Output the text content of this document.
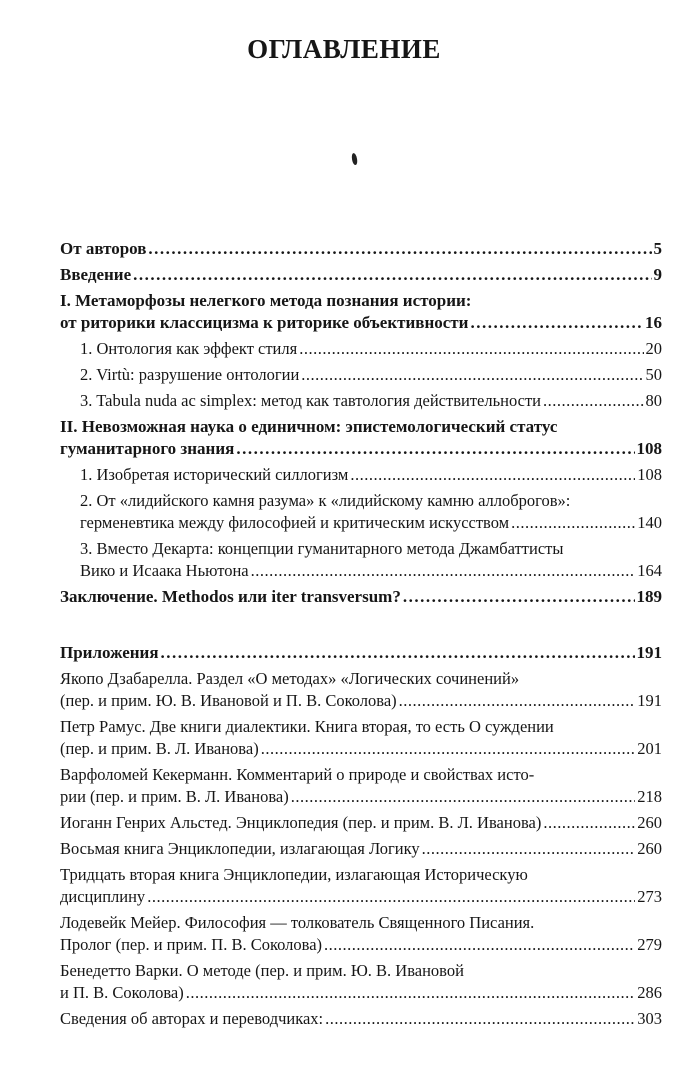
ОГЛАВЛЕНИЕ
От авторов .....	5
Введение .....	9
I. Метаморфозы нелегкого метода познания истории:
от риторики классицизма к риторике объективности .....	16
1. Онтология как эффект стиля .....	20
2. Virtù: разрушение онтологии .....	50
3. Tabula nuda ac simplex: метод как тавтология действительности .....	80
II. Невозможная наука о единичном: эпистемологический статус
гуманитарного знания .....	108
1. Изобретая исторический силлогизм .....	108
2. От «лидийского камня разума» к «лидийскому камню аллоброгов»:
герменевтика между философией и критическим искусством .....	140
3. Вместо Декарта: концепции гуманитарного метода Джамбаттисты
Вико и Исаака Ньютона .....	164
Заключение. Methodos или iter transversum? .....	189
Приложения .....	191
Якопо Дзабарелла. Раздел «О методах» «Логических сочинений»
(пер. и прим. Ю. В. Ивановой и П. В. Соколова) .....	191
Петр Рамус. Две книги диалектики. Книга вторая, то есть О суждении
(пер. и прим. В. Л. Иванова) .....	201
Варфоломей Кекерманн. Комментарий о природе и свойствах исто-
рии (пер. и прим. В. Л. Иванова) .....	218
Иоганн Генрих Альстед. Энциклопедия (пер. и прим. В. Л. Иванова) .....	260
Восьмая книга Энциклопедии, излагающая Логику .....	260
Тридцать вторая книга Энциклопедии, излагающая Историческую
дисциплину .....	273
Лодевейк Мейер. Философия — толкователь Священного Писания.
Пролог (пер. и прим. П. В. Соколова) .....	279
Бенедетто Варки. О методе (пер. и прим. Ю. В. Ивановой
и П. В. Соколова) .....	286
Сведения об авторах и переводчиках: .....	303
